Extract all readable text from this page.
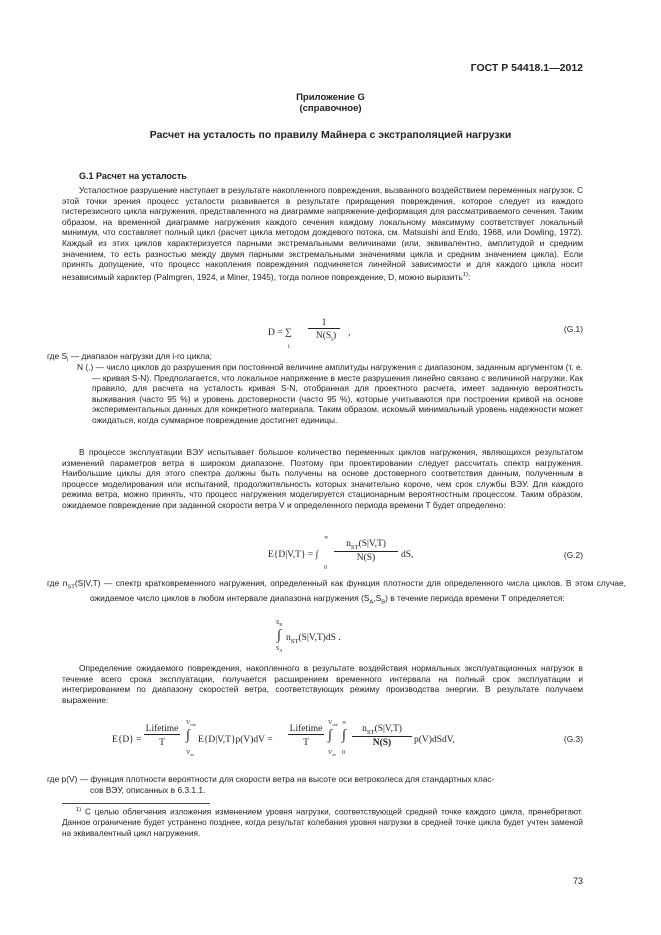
ГОСТ Р 54418.1—2012
Приложение G
(справочное)
Расчет на усталость по правилу Майнера с экстраполяцией нагрузки
G.1 Расчет на усталость
Усталостное разрушение наступает в результате накопленного повреждения, вызванного воздействием переменных нагрузок. С этой точки зрения процесс усталости развивается в результате приращения повреждения, которое следует из каждого гистерезисного цикла нагружения, представленного на диаграмме напряжение-деформация для рассматриваемого сечения. Таким образом, на временной диаграмме нагружения каждого сечения каждому локальному максимуму соответствует локальный минимум, что составляет полный цикл (расчет цикла методом дождевого потока, см. Matsuishi and Endo, 1968, или Dowling, 1972). Каждый из этих циклов характеризуется парными экстремальными величинами (или, эквивалентно, амплитудой и средним значением, то есть разностью между двумя парными экстремальными значениями цикла и средним значением цикла). Если принять допущение, что процесс накопления повреждения подчиняется линейной зависимости и для каждого цикла носит независимый характер (Palmgren, 1924, и Miner, 1945), тогда полное повреждение, D, можно выразить$^{1)}$:
D = ∑
i
1
$N(S_i)$	,	(G.1)
где $S_i$ — диапазон нагрузки для i-го цикла;
N (.) — число циклов до разрушения при постоянной величине амплитуды нагружения с диапазоном, заданным аргументом (т. е. — кривая S-N). Предполагается, что локальное напряжение в месте разрушения линейно связано с величиной нагрузки. Как правило, для расчета на усталость кривая S-N, отобранная для проектного расчета, имеет заданную вероятность выживания (часто 95 %) и уровень достоверности (часто 95 %), которые учитываются при построении кривой на основе экспериментальных данных для конкретного материала. Таким образом, искомый минимальный уровень надежности может ожидаться, когда суммарное повреждение достигнет единицы.
В процессе эксплуатации ВЭУ испытывает большое количество переменных циклов нагружения, являющихся результатом изменений параметров ветра в широком диапазоне. Поэтому при проектировании следует рассчитать спектр нагружения. Наибольшие циклы для этого спектра должны быть получены на основе достоверного соответствия данным, полученным в процессе моделирования или испытаний, продолжительность которых значительно короче, чем срок службы ВЭУ. Для каждого режима ветра, можно принять, что процесс нагружения моделируется стационарным вероятностным процессом. Таким образом, ожидаемое повреждение при заданной скорости ветра V и определенного периода времени T будет определено:
E{D|V,T} = ∫
∞
0
$n_{ST}(S|V,T)$
N(S)	dS,	(G.2)
где $n_{ST}(S|V,T)$ — спектр кратковременного нагружения, определенный как функция плотности для определенного числа циклов. В этом случае, ожидаемое число циклов в любом интервале диапазона нагружения $(S_A,S_B)$ в течение периода времени T определяется:
$S_B$
∫
$S_A$
$n_{ST}(S|V,T)dS$ .
Определение ожидаемого повреждения, накопленного в результате воздействия нормальных эксплуатационных нагрузок в течение всего срока эксплуатации, получается расширением временного интервала на полный срок эксплуатации и интегрированием по диапазону скоростей ветра, соответствующих режиму производства энергии. В результате получаем выражение:
E{D} =
Lifetime
T
$V_{out}$
∫
$V_{in}$
E{D|V,T}p(V)dV =
Lifetime
T
$V_{out}$
∫
$V_{in}$
∞
∫
0
$n_{ST}(S|V,T)$
N(S)	p(V)dSdV,	(G.3)
где p(V) — функция плотности вероятности для скорости ветра на высоте оси ветроколеса для стандартных клас-
сов ВЭУ, описанных в 6.3.1.1.
$^{1)}$ С целью облегчения изложения изменением уровня нагрузки, соответствующей средней точке каждого цикла, пренебрегают. Данное ограничение будет устранено позднее, когда результат колебания уровня нагрузки в средней точке цикла будет учтен заменой на эквивалентный цикл нагружения.
73
